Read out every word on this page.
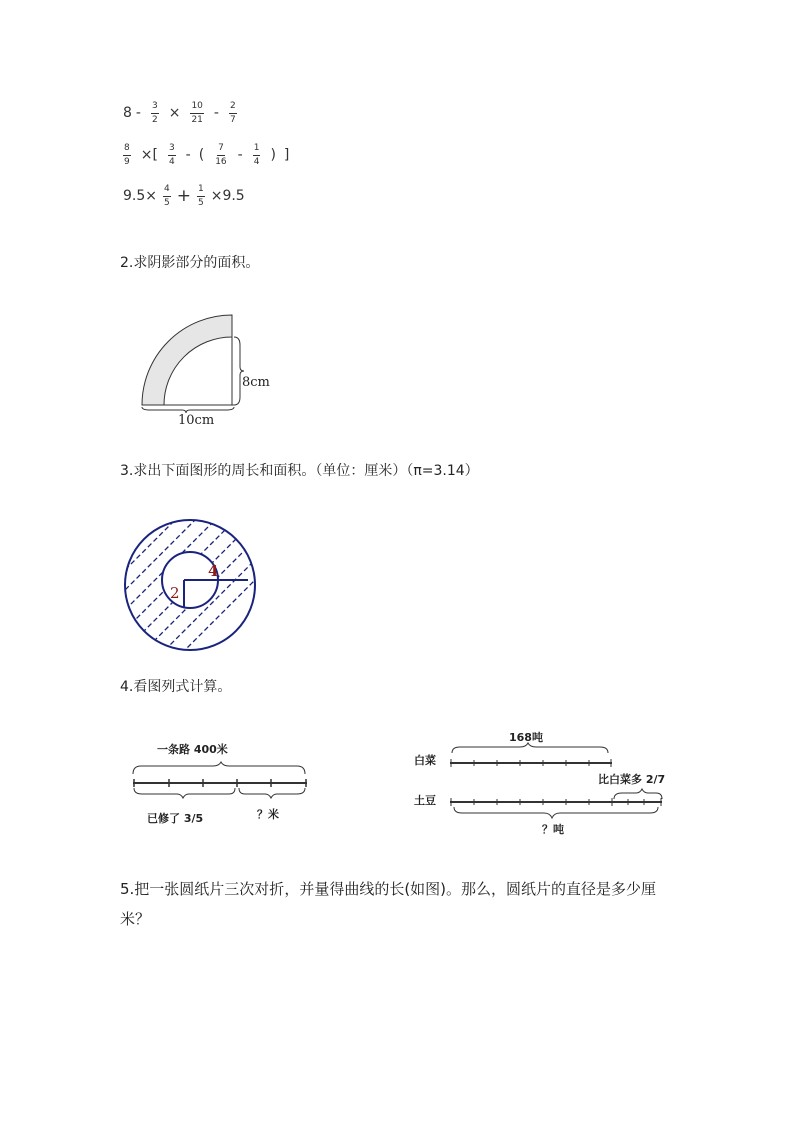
$8 - \frac{3}{2} \times \frac{10}{21} - \frac{2}{7}$
$\frac{8}{9}$ ×[ $\frac{3}{4}$ - ( $\frac{7}{16} - \frac{1}{4}$ ) ]
$9.5\times \frac{4}{5} + \frac{1}{5} \times 9.5$
2.求阴影部分的面积。
8cm
10cm
3.求出下面图形的周长和面积。（单位：厘米）（π=3.14）
2
4
4.看图列式计算。
一条路 400米
已修了 3/5	？米
168吨
白菜
比白菜多 2/7
土豆
？吨
5.把一张圆纸片三次对折，并量得曲线的长(如图)。那么，圆纸片的直径是多少厘米？
